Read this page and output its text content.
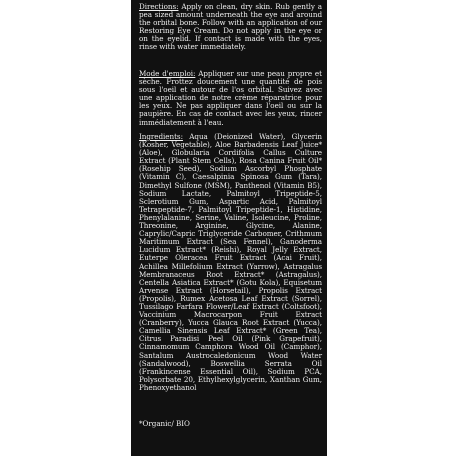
Directions: Apply on clean, dry skin. Rub gently a pea sized amount underneath the eye and around the orbital bone. Follow with an application of our Restoring Eye Cream. Do not apply in the eye or on the eyelid. If contact is made with the eyes, rinse with water immediately.
Mode d'emploi: Appliquer sur une peau propre et sèche. Frottez doucement une quantité de pois sous l'oeil et autour de l'os orbital. Suivez avec une application de notre crème réparatrice pour les yeux. Ne pas appliquer dans l'oeil ou sur la paupière. En cas de contact avec les yeux, rincer immédiatement à l'eau.
Ingredients: Aqua (Deionized Water), Glycerin (Kosher, Vegetable), Aloe Barbadensis Leaf Juice* (Aloe), Globularia Cordifolia Callus Culture Extract (Plant Stem Cells), Rosa Canina Fruit Oil* (Rosehip Seed), Sodium Ascorbyl Phosphate (Vitamin C), Caesalpinia Spinosa Gum (Tara), Dimethyl Sulfone (MSM), Panthenol (Vitamin B5), Sodium Lactate, Palmitoyl Tripeptide-5, Sclerotium Gum, Aspartic Acid, Palmitoyl Tetrapeptide-7, Palmitoyl Tripeptide-1, Histidine, Phenylalanine, Serine, Valine, Isoleucine, Proline, Threonine, Arginine, Glycine, Alanine, Caprylic/Capric Triglyceride Carbomer, Crithmum Maritimum Extract (Sea Fennel), Ganoderma Lucidum Extract* (Reishi), Royal Jelly Extract, Euterpe Oleracea Fruit Extract (Acai Fruit), Achillea Millefolium Extract (Yarrow), Astragalus Membranaceus Root Extract* (Astragalus), Centella Asiatica Extract* (Gotu Kola), Equisetum Arvense Extract (Horsetail), Propolis Extract (Propolis), Rumex Acetosa Leaf Extract (Sorrel), Tussilago Farfara Flower/Leaf Extract (Coltsfoot), Vaccinium Macrocarpon Fruit Extract (Cranberry), Yucca Glauca Root Extract (Yucca), Camellia Sinensis Leaf Extract* (Green Tea), Citrus Paradisi Peel Oil (Pink Grapefruit), Cinnamomum Camphora Wood Oil (Camphor), Santalum Austrocaledonicum Wood Water (Sandalwood), Boswellia Serrata Oil (Frankincense Essential Oil), Sodium PCA, Polysorbate 20, Ethylhexylglycerin, Xanthan Gum, Phenoxyethanol
*Organic/ BIO
